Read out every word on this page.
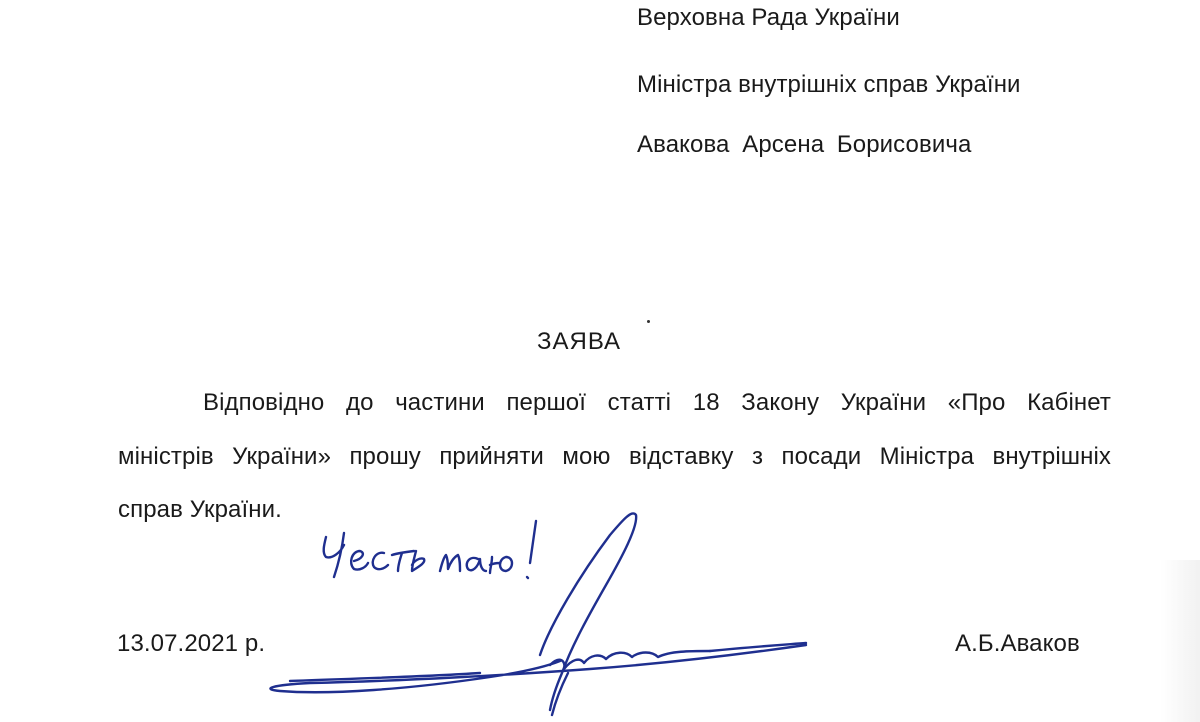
Верховна Рада України
Міністра внутрішніх справ України
Авакова Арсена Борисовича
ЗАЯВА
Відповідно до частини першої статті 18 Закону України «Про Кабінет
міністрів України» прошу прийняти мою відставку з посади Міністра внутрішніх
справ України.
13.07.2021 р.	А.Б.Аваков
